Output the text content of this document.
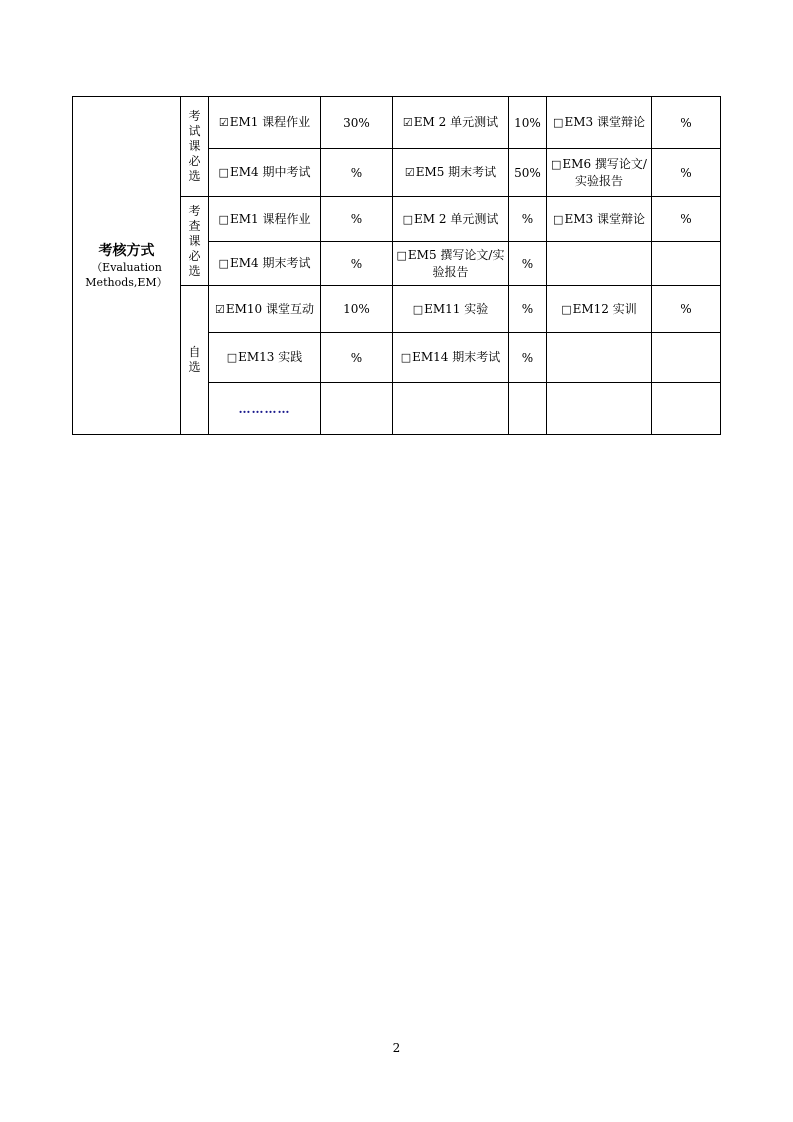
考核方式
（Evaluation
Methods,EM）	考试课必选	☑EM1 课程作业	30%	☑EM 2 单元测试	10%	□EM3 课堂辩论	%
		□EM4 期中考试	%	☑EM5 期末考试	50%	□EM6 撰写论文/
实验报告	%
	考查课必选	□EM1 课程作业	%	□EM 2 单元测试	%	□EM3 课堂辩论	%
		□EM4 期末考试	%	□EM5 撰写论文/实
验报告	%		
	自选	☑EM10 课堂互动	10%	□EM11 实验	%	□EM12 实训	%
		□EM13 实践	%	□EM14 期末考试	%		
		…………					
2
